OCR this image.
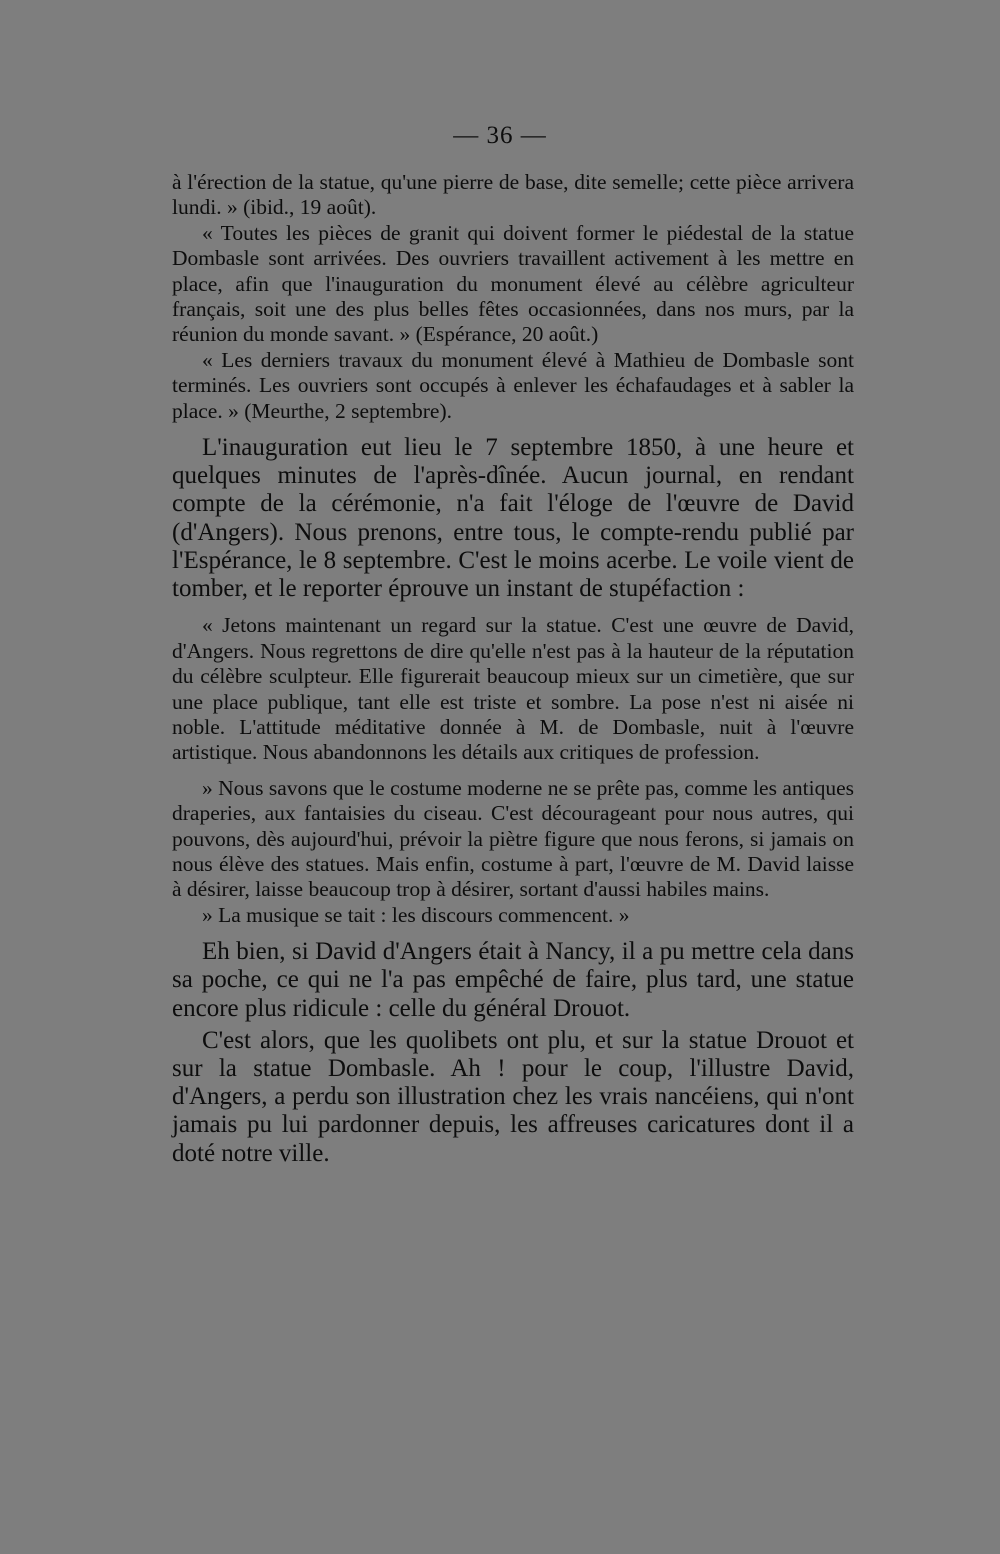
— 36 —

à l'érection de la statue, qu'une pierre de base, dite semelle; cette pièce arrivera lundi. » (ibid., 19 août).

« Toutes les pièces de granit qui doivent former le piédestal de la statue Dombasle sont arrivées. Des ouvriers travaillent activement à les mettre en place, afin que l'inauguration du monument élevé au célèbre agriculteur français, soit une des plus belles fêtes occasionnées, dans nos murs, par la réunion du monde savant. » (Espérance, 20 août.)

« Les derniers travaux du monument élevé à Mathieu de Dombasle sont terminés. Les ouvriers sont occupés à enlever les échafaudages et à sabler la place. » (Meurthe, 2 septembre).

L'inauguration eut lieu le 7 septembre 1850, à une heure et quelques minutes de l'après-dînée. Aucun journal, en rendant compte de la cérémonie, n'a fait l'éloge de l'œuvre de David (d'Angers). Nous prenons, entre tous, le compte-rendu publié par l'Espérance, le 8 septembre. C'est le moins acerbe. Le voile vient de tomber, et le reporter éprouve un instant de stupéfaction :

« Jetons maintenant un regard sur la statue. C'est une œuvre de David, d'Angers. Nous regrettons de dire qu'elle n'est pas à la hauteur de la réputation du célèbre sculpteur. Elle figurerait beaucoup mieux sur un cimetière, que sur une place publique, tant elle est triste et sombre. La pose n'est ni aisée ni noble. L'attitude méditative donnée à M. de Dombasle, nuit à l'œuvre artistique. Nous abandonnons les détails aux critiques de profession.

» Nous savons que le costume moderne ne se prête pas, comme les antiques draperies, aux fantaisies du ciseau. C'est décourageant pour nous autres, qui pouvons, dès aujourd'hui, prévoir la piètre figure que nous ferons, si jamais on nous élève des statues. Mais enfin, costume à part, l'œuvre de M. David laisse à désirer, laisse beaucoup trop à désirer, sortant d'aussi habiles mains.

» La musique se tait : les discours commencent. »

Eh bien, si David d'Angers était à Nancy, il a pu mettre cela dans sa poche, ce qui ne l'a pas empêché de faire, plus tard, une statue encore plus ridicule : celle du général Drouot.

C'est alors, que les quolibets ont plu, et sur la statue Drouot et sur la statue Dombasle. Ah ! pour le coup, l'illustre David, d'Angers, a perdu son illustration chez les vrais nancéiens, qui n'ont jamais pu lui pardonner depuis, les affreuses caricatures dont il a doté notre ville.
